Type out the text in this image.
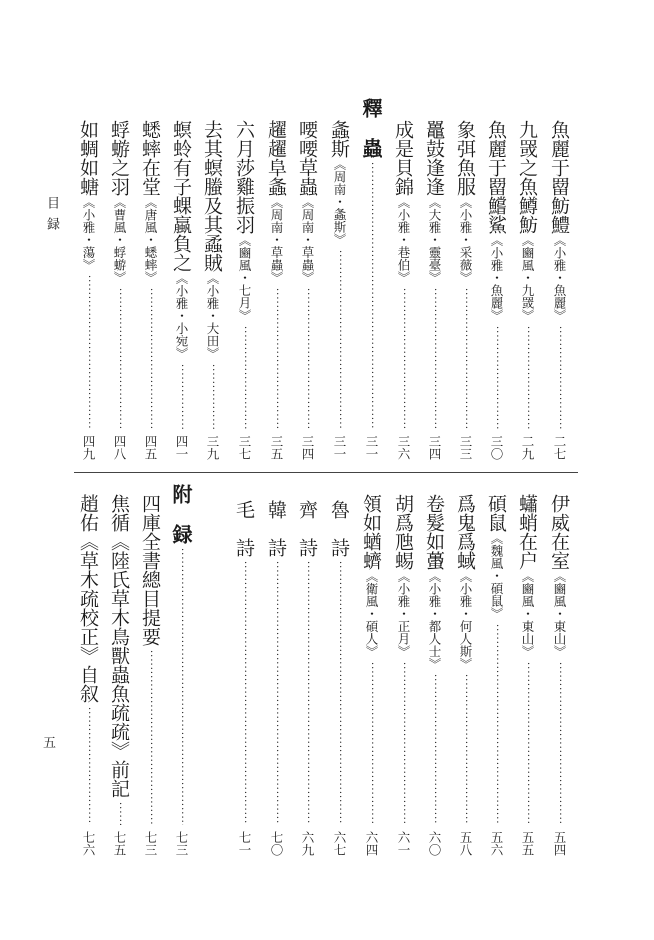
目録
五
魚麗于罶魴鱧
《小雅・魚麗》
·····
二七
九罭之魚鱒魴
《豳風・九罭》
·····
二九
魚麗于罶鱨鯊
《小雅・魚麗》
·····
三〇
象弭魚服
《小雅・采薇》
·····
三三
鼉鼓逢逢
《大雅・靈臺》
·····
三四
成是貝錦
《小雅・巷伯》
·····
三六
釋　蟲
·····
三一
螽斯
《周南・螽斯》
·····
三一
喓喓草蟲
《周南・草蟲》
·····
三四
趯趯阜螽
《周南・草蟲》
·····
三五
六月莎雞振羽
《豳風・七月》
·····
三七
去其螟螣及其蟊賊
《小雅・大田》
·····
三九
螟蛉有子蜾蠃負之
《小雅・小宛》
·····
四一
蟋蟀在堂
《唐風・蟋蟀》
·····
四五
蜉蝣之羽
《曹風・蜉蝣》
·····
四八
如蜩如螗
《小雅・蕩》
·····
四九
伊威在室
《豳風・東山》
·····
五四
蠨蛸在户
《豳風・東山》
·····
五五
碩鼠
《魏風・碩鼠》
·····
五六
爲鬼爲蜮
《小雅・何人斯》
·····
五八
卷髮如蠆
《小雅・都人士》
·····
六〇
胡爲虺蜴
《小雅・正月》
·····
六一
領如蝤蠐
《衛風・碩人》
·····
六四
魯　詩
·····
六七
齊　詩
·····
六九
韓　詩
·····
七〇
毛　詩
·····
七一
附　録
·····
七三
四庫全書總目提要
·····
七三
焦循《陸氏草木鳥獸蟲魚疏疏》前記
·····
七五
趙佑《草木疏校正》自叙
·····
七六
